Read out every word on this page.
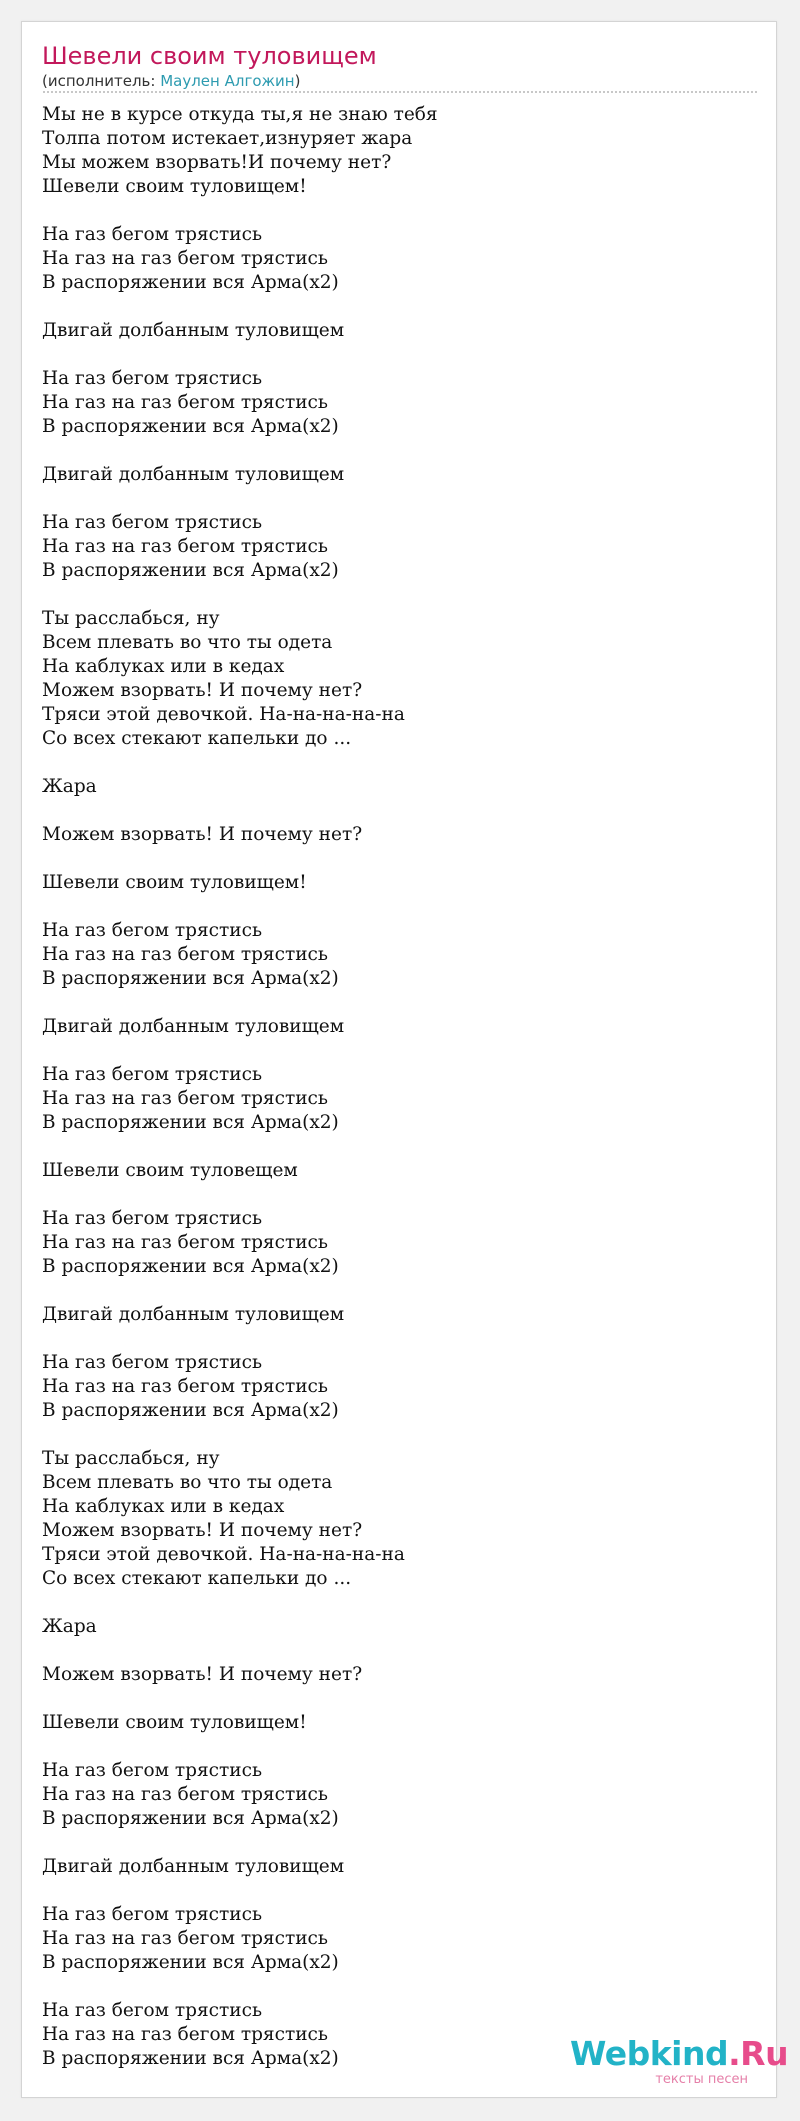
Шевели своим туловищем
(исполнитель: Маулен Алгожин)
Мы не в курсе откуда ты,я не знаю тебя
Толпа потом истекает,изнуряет жара
Мы можем взорвать!И почему нет?
Шевели своим туловищем!
На газ бегом трястись
На газ на газ бегом трястись
В распоряжении вся Арма(x2)
Двигай долбанным туловищем
На газ бегом трястись
На газ на газ бегом трястись
В распоряжении вся Арма(x2)
Двигай долбанным туловищем
На газ бегом трястись
На газ на газ бегом трястись
В распоряжении вся Арма(x2)
Ты расслабься, ну
Всем плевать во что ты одета
На каблуках или в кедах
Можем взорвать! И почему нет?
Тряси этой девочкой. На-на-на-на-на
Со всех стекают капельки до ...
Жара
Можем взорвать! И почему нет?
Шевели своим туловищем!
На газ бегом трястись
На газ на газ бегом трястись
В распоряжении вся Арма(x2)
Двигай долбанным туловищем
На газ бегом трястись
На газ на газ бегом трястись
В распоряжении вся Арма(x2)
Шевели своим туловещем
На газ бегом трястись
На газ на газ бегом трястись
В распоряжении вся Арма(x2)
Двигай долбанным туловищем
На газ бегом трястись
На газ на газ бегом трястись
В распоряжении вся Арма(x2)
Ты расслабься, ну
Всем плевать во что ты одета
На каблуках или в кедах
Можем взорвать! И почему нет?
Тряси этой девочкой. На-на-на-на-на
Со всех стекают капельки до ...
Жара
Можем взорвать! И почему нет?
Шевели своим туловищем!
На газ бегом трястись
На газ на газ бегом трястись
В распоряжении вся Арма(x2)
Двигай долбанным туловищем
На газ бегом трястись
На газ на газ бегом трястись
В распоряжении вся Арма(x2)
На газ бегом трястись
На газ на газ бегом трястись
В распоряжении вся Арма(x2)	Webkind.Ru
тексты песен
